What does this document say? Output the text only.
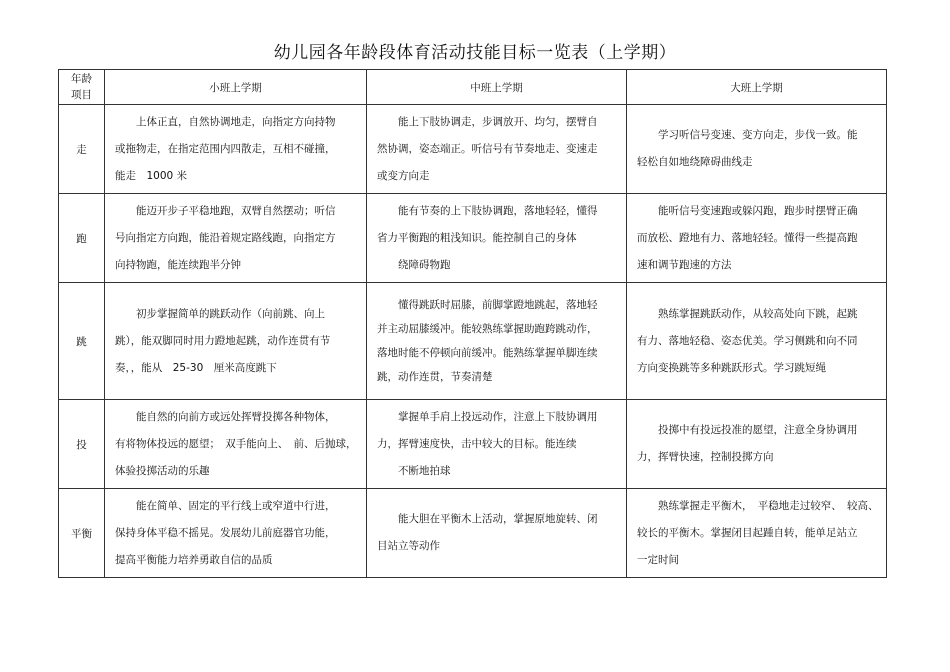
幼儿园各年龄段体育活动技能目标一览表（上学期）
年龄
项目	小班上学期	中班上学期	大班上学期
走	　　上体正直，自然协调地走，向指定方向持物
或拖物走，在指定范围内四散走，互相不碰撞，
能走　1000 米	　　能上下肢协调走，步调放开、均匀，摆臂自
然协调，姿态端正。听信号有节奏地走、变速走
或变方向走	　　学习听信号变速、变方向走，步伐一致。能
轻松自如地绕障碍曲线走
跑	　　能迈开步子平稳地跑，双臂自然摆动；听信
号向指定方向跑，能沿着规定路线跑，向指定方
向持物跑，能连续跑半分钟	　　能有节奏的上下肢协调跑，落地轻轻，懂得
省力平衡跑的粗浅知识。能控制自己的身体
　　绕障碍物跑	　　能听信号变速跑或躲闪跑，跑步时摆臂正确
而放松、蹬地有力、落地轻轻。懂得一些提高跑
速和调节跑速的方法
跳	　　初步掌握简单的跳跃动作（向前跳、向上
跳），能双脚同时用力蹬地起跳，动作连贯有节
奏，，能从　25-30　厘米高度跳下	　　懂得跳跃时屈膝，前脚掌蹬地跳起，落地轻
并主动屈膝缓冲。能较熟练掌握助跑跨跳动作，
落地时能不停顿向前缓冲。能熟练掌握单脚连续
跳，动作连贯，节奏清楚	　　熟练掌握跳跃动作，从较高处向下跳，起跳
有力、落地轻稳、姿态优美。学习侧跳和向不同
方向变换跳等多种跳跃形式。学习跳短绳
投	　　能自然的向前方或远处挥臂投掷各种物体，
有将物体投远的愿望；　双手能向上、　前、后抛球，
体验投掷活动的乐趣	　　掌握单手肩上投远动作，注意上下肢协调用
力，挥臂速度快，击中较大的目标。能连续
　　不断地拍球	　　投掷中有投远投准的愿望，注意全身协调用
力，挥臂快速，控制投掷方向
平衡	　　能在简单、固定的平行线上或窄道中行进，
保持身体平稳不摇晃。发展幼儿前庭器官功能，
提高平衡能力培养勇敢自信的品质	　　能大胆在平衡木上活动，掌握原地旋转、闭
目站立等动作	　　熟练掌握走平衡木，　平稳地走过较窄、　较高、
较长的平衡木。掌握闭目起踵自转，能单足站立
一定时间
